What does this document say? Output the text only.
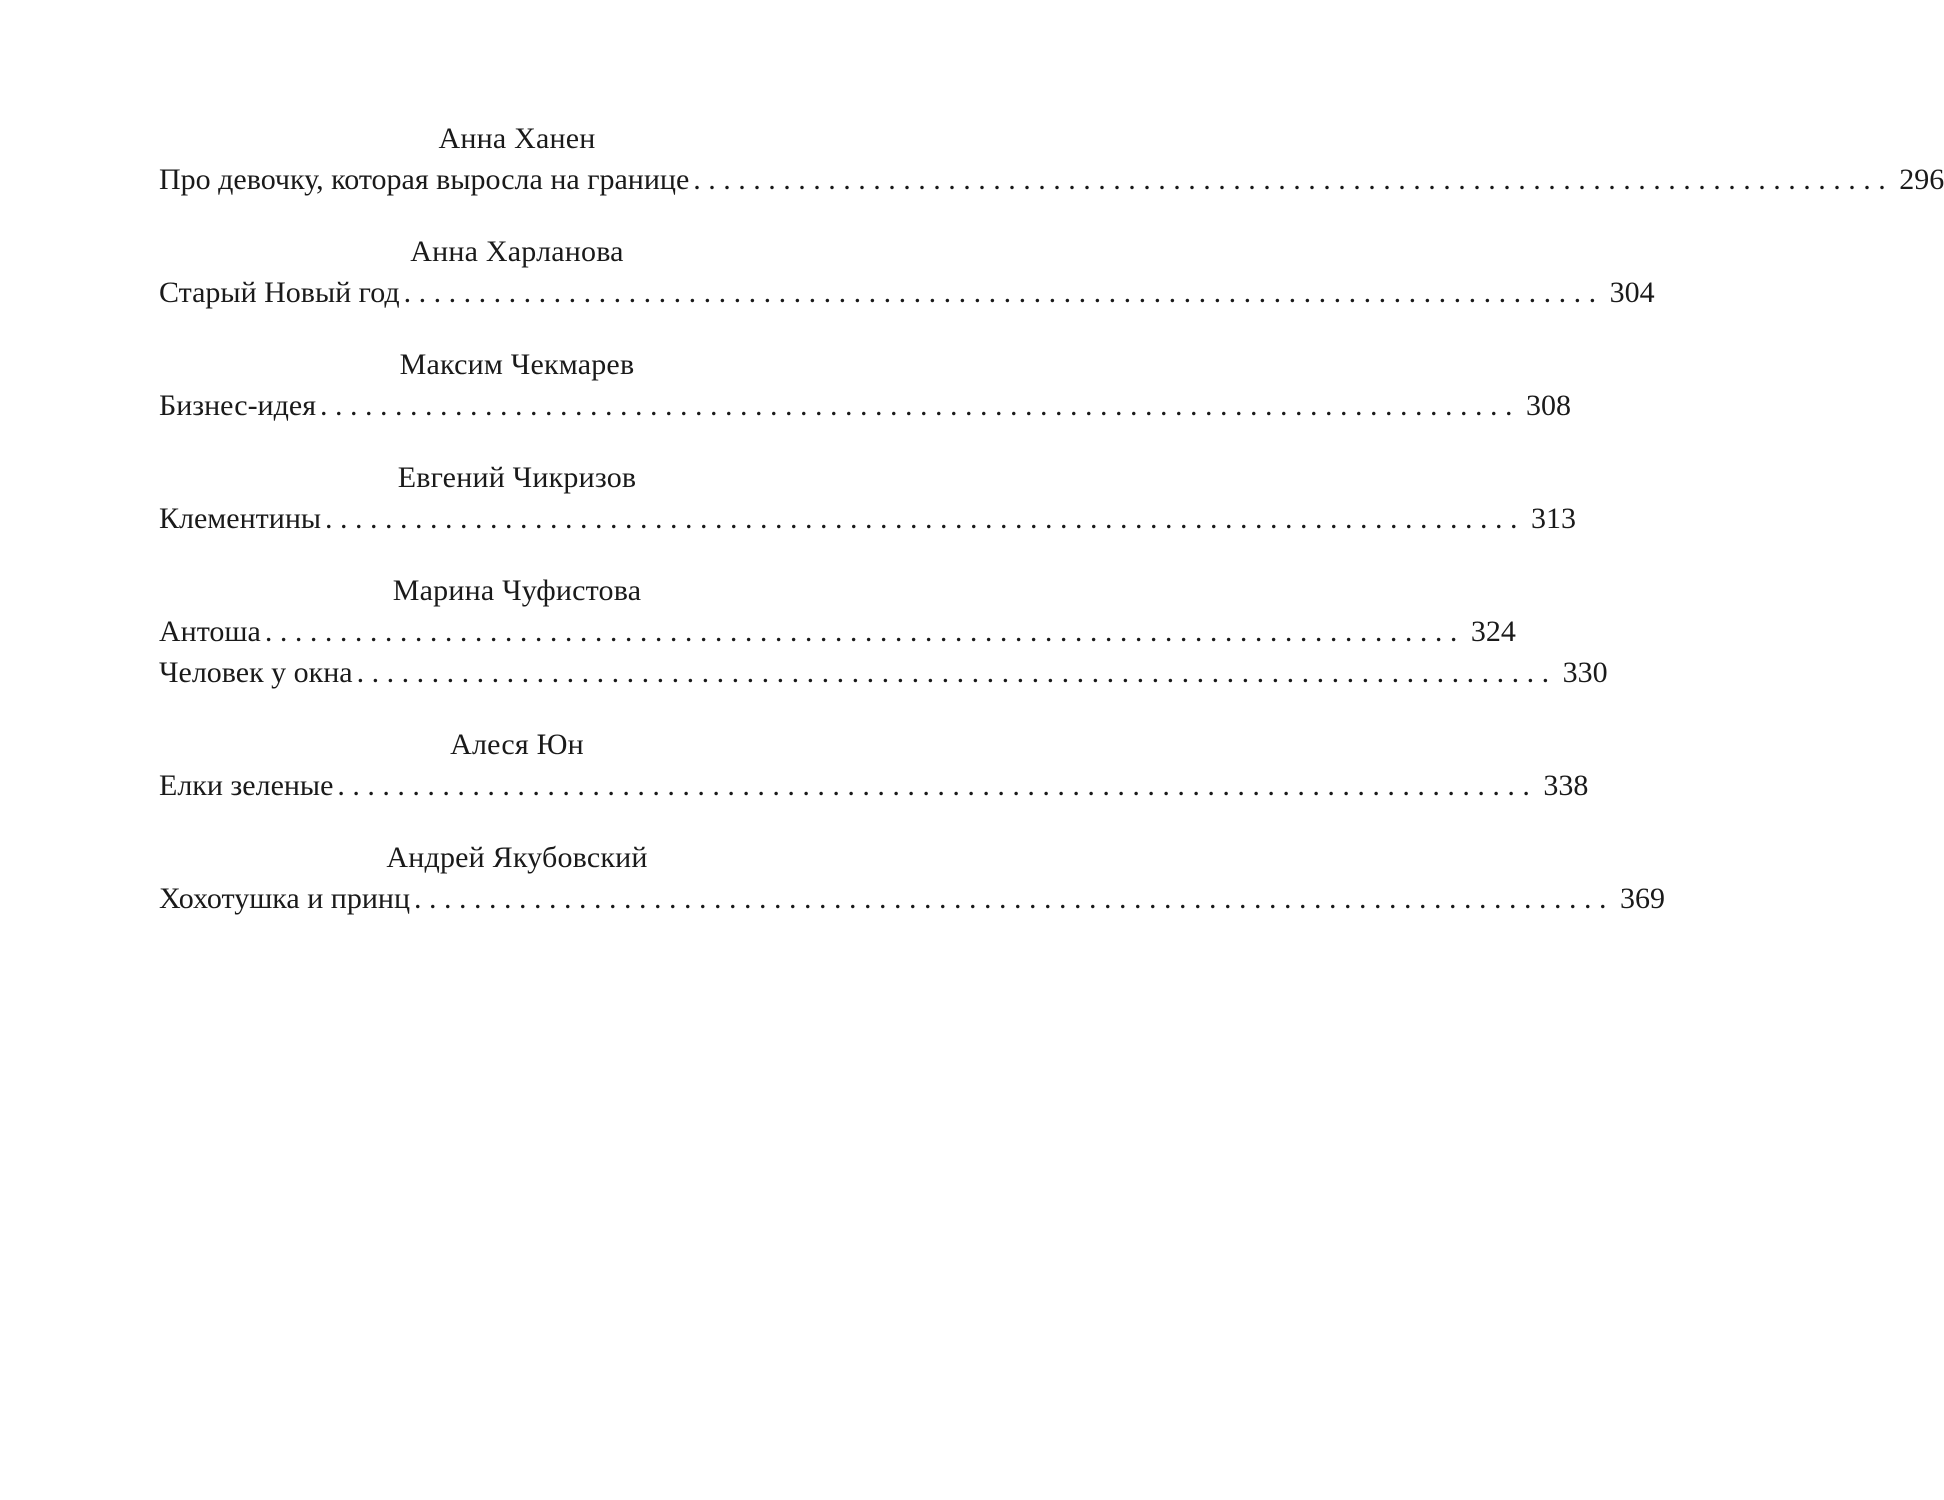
Анна Ханен
Про девочку, которая выросла на границе ................................................................................ 296
Анна Харланова
Старый Новый год ................................................................................ 304
Максим Чекмарев
Бизнес-идея ................................................................................ 308
Евгений Чикризов
Клементины ................................................................................ 313
Марина Чуфистова
Антоша ................................................................................ 324
Человек у окна ................................................................................ 330
Алеся Юн
Елки зеленые ................................................................................ 338
Андрей Якубовский
Хохотушка и принц ................................................................................ 369
